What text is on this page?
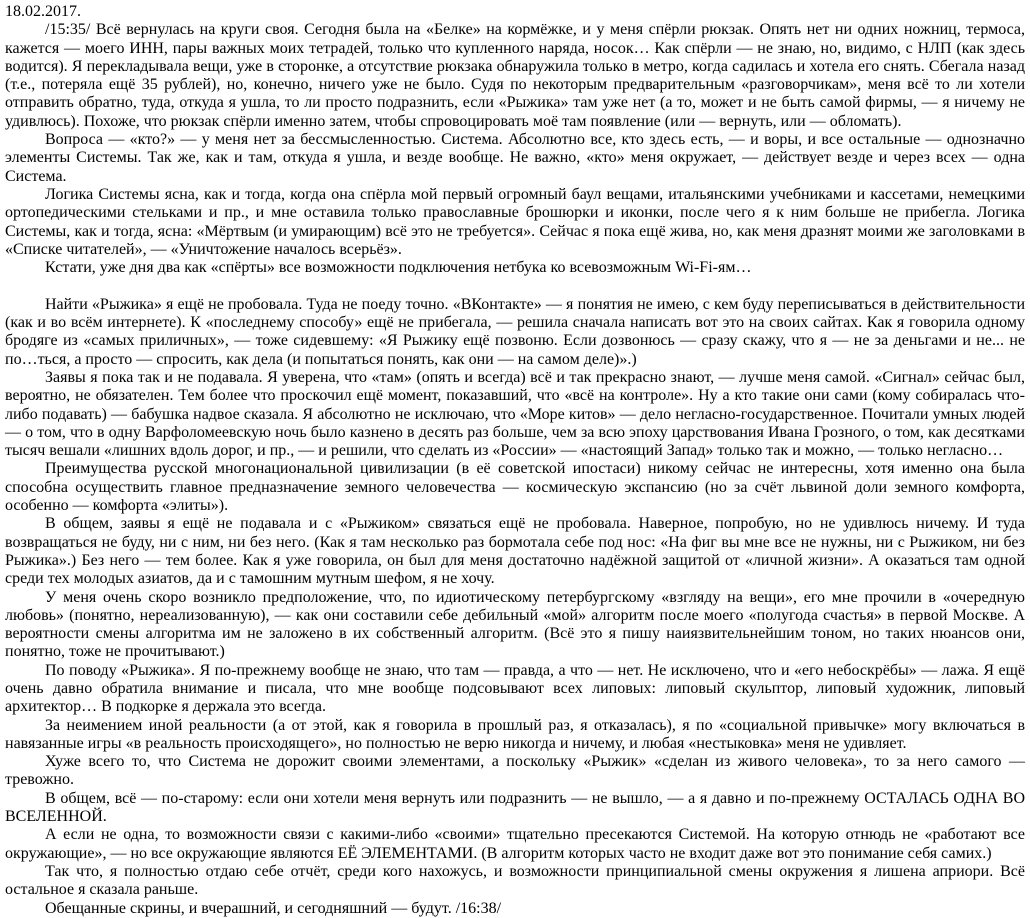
18.02.2017.

/15:35/ Всё вернулась на круги своя. Сегодня была на «Белке» на кормёжке, и у меня спёрли рюкзак. Опять нет ни одних ножниц, термоса, кажется — моего ИНН, пары важных моих тетрадей, только что купленного наряда, носок… Как спёрли — не знаю, но, видимо, с НЛП (как здесь водится). Я перекладывала вещи, уже в сторонке, а отсутствие рюкзака обнаружила только в метро, когда садилась и хотела его снять. Сбегала назад (т.е., потеряла ещё 35 рублей), но, конечно, ничего уже не было. Судя по некоторым предварительным «разговорчикам», меня всё то ли хотели отправить обратно, туда, откуда я ушла, то ли просто подразнить, если «Рыжика» там уже нет (а то, может и не быть самой фирмы, — я ничему не удивлюсь). Похоже, что рюкзак спёрли именно затем, чтобы спровоцировать моё там появление (или — вернуть, или — обломать).

Вопроса — «кто?» — у меня нет за бессмысленностью. Система. Абсолютно все, кто здесь есть, — и воры, и все остальные — однозначно элементы Системы. Так же, как и там, откуда я ушла, и везде вообще. Не важно, «кто» меня окружает, — действует везде и через всех — одна Система.

Логика Системы ясна, как и тогда, когда она спёрла мой первый огромный баул вещами, итальянскими учебниками и кассетами, немецкими ортопедическими стельками и пр., и мне оставила только православные брошюрки и иконки, после чего я к ним больше не прибегла. Логика Системы, как и тогда, ясна: «Мёртвым (и умирающим) всё это не требуется». Сейчас я пока ещё жива, но, как меня дразнят моими же заголовками в «Списке читателей», — «Уничтожение началось всерьёз».

Кстати, уже дня два как «спёрты» все возможности подключения нетбука ко всевозможным Wi-Fi-ям…

Найти «Рыжика» я ещё не пробовала. Туда не поеду точно. «ВКонтакте» — я понятия не имею, с кем буду переписываться в действительности (как и во всём интернете). К «последнему способу» ещё не прибегала, — решила сначала написать вот это на своих сайтах. Как я говорила одному бродяге из «самых приличных», — тоже сидевшему: «Я Рыжику ещё позвоню. Если дозвонюсь — сразу скажу, что я — не за деньгами и не... не по…ться, а просто — спросить, как дела (и попытаться понять, как они — на самом деле)».)

Заявы я пока так и не подавала. Я уверена, что «там» (опять и всегда) всё и так прекрасно знают, — лучше меня самой. «Сигнал» сейчас был, вероятно, не обязателен. Тем более что проскочил ещё момент, показавший, что «всё на контроле». Ну а кто такие они сами (кому собиралась что-либо подавать) — бабушка надвое сказала. Я абсолютно не исключаю, что «Море китов» — дело негласно-государственное. Почитали умных людей — о том, что в одну Варфоломеевскую ночь было казнено в десять раз больше, чем за всю эпоху царствования Ивана Грозного, о том, как десятками тысяч вешали «лишних вдоль дорог, и пр., — и решили, что сделать из «России» — «настоящий Запад» только так и можно, — только негласно…

Преимущества русской многонациональной цивилизации (в её советской ипостаси) никому сейчас не интересны, хотя именно она была способна осуществить главное предназначение земного человечества — космическую экспансию (но за счёт львиной доли земного комфорта, особенно — комфорта «элиты»).

В общем, заявы я ещё не подавала и с «Рыжиком» связаться ещё не пробовала. Наверное, попробую, но не удивлюсь ничему. И туда возвращаться не буду, ни с ним, ни без него. (Как я там несколько раз бормотала себе под нос: «На фиг вы мне все не нужны, ни с Рыжиком, ни без Рыжика».) Без него — тем более. Как я уже говорила, он был для меня достаточно надёжной защитой от «личной жизни». А оказаться там одной среди тех молодых азиатов, да и с тамошним мутным шефом, я не хочу.

У меня очень скоро возникло предположение, что, по идиотическому петербургскому «взгляду на вещи», его мне прочили в «очередную любовь» (понятно, нереализованную), — как они составили себе дебильный «мой» алгоритм после моего «полугода счастья» в первой Москве. А вероятности смены алгоритма им не заложено в их собственный алгоритм. (Всё это я пишу наиязвительнейшим тоном, но таких нюансов они, понятно, тоже не прочитывают.)

По поводу «Рыжика». Я по-прежнему вообще не знаю, что там — правда, а что — нет. Не исключено, что и «его небоскрёбы» — лажа. Я ещё очень давно обратила внимание и писала, что мне вообще подсовывают всех липовых: липовый скульптор, липовый художник, липовый архитектор… В подкорке я держала это всегда.

За неимением иной реальности (а от этой, как я говорила в прошлый раз, я отказалась), я по «социальной привычке» могу включаться в навязанные игры «в реальность происходящего», но полностью не верю никогда и ничему, и любая «нестыковка» меня не удивляет.

Хуже всего то, что Система не дорожит своими элементами, а поскольку «Рыжик» «сделан из живого человека», то за него самого — тревожно.

В общем, всё — по-старому: если они хотели меня вернуть или подразнить — не вышло, — а я давно и по-прежнему ОСТАЛАСЬ ОДНА ВО ВСЕЛЕННОЙ.

А если не одна, то возможности связи с какими-либо «своими» тщательно пресекаются Системой. На которую отнюдь не «работают все окружающие», — но все окружающие являются ЕЁ ЭЛЕМЕНТАМИ. (В алгоритм которых часто не входит даже вот это понимание себя самих.)

Так что, я полностью отдаю себе отчёт, среди кого нахожусь, и возможности принципиальной смены окружения я лишена априори. Всё остальное я сказала раньше.

Обещанные скрины, и вчерашний, и сегодняшний — будут. /16:38/
